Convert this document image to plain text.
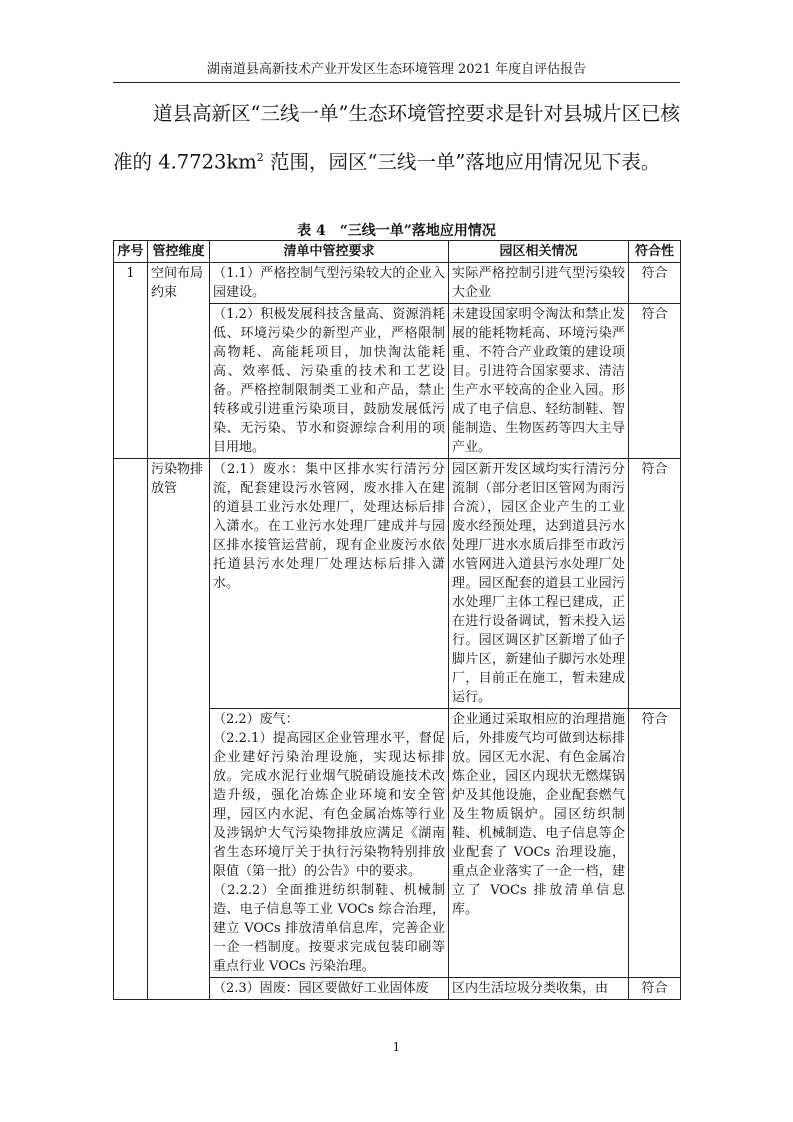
湖南道县高新技术产业开发区生态环境管理 2021 年度自评估报告

道县高新区“三线一单”生态环境管控要求是针对县城片区已核准的 $4.7723km^2$ 范围，园区“三线一单”落地应用情况见下表。

表 4　“三线一单”落地应用情况
序号	管控维度	清单中管控要求	园区相关情况	符合性
1	空间布局约束	（1.1）严格控制气型污染较大的企业入园建设。	实际严格控制引进气型污染较大企业	符合

		（1.2）积极发展科技含量高、资源消耗低、环境污染少的新型产业，严格限制高物耗、高能耗项目，加快淘汰能耗高、效率低、污染重的技术和工艺设备。严格控制限制类工业和产品，禁止转移或引进重污染项目，鼓励发展低污染、无污染、节水和资源综合利用的项目用地。	未建设国家明令淘汰和禁止发展的能耗物耗高、环境污染严重、不符合产业政策的建设项目。引进符合国家要求、清洁生产水平较高的企业入园。形成了电子信息、轻纺制鞋、智能制造、生物医药等四大主导产业。	符合
	污染物排放管	（2.1）废水：集中区排水实行清污分流，配套建设污水管网，废水排入在建的道县工业污水处理厂，处理达标后排入潇水。在工业污水处理厂建成并与园区排水接管运营前，现有企业废污水依托道县污水处理厂处理达标后排入潇水。	园区新开发区域均实行清污分流制（部分老旧区管网为雨污合流），园区企业产生的工业废水经预处理，达到道县污水处理厂进水水质后排至市政污水管网进入道县污水处理厂处理。园区配套的道县工业园污水处理厂主体工程已建成，正在进行设备调试，暂未投入运行。园区调区扩区新增了仙子脚片区，新建仙子脚污水处理厂，目前正在施工，暂未建成运行。	符合

		（2.2）废气：

（2.2.1）提高园区企业管理水平，督促企业建好污染治理设施，实现达标排放。完成水泥行业烟气脱硝设施技术改造升级，强化冶炼企业环境和安全管理，园区内水泥、有色金属冶炼等行业及涉锅炉大气污染物排放应满足《湖南省生态环境厅关于执行污染物特别排放限值（第一批）的公告》中的要求。

（2.2.2）全面推进纺织制鞋、机械制造、电子信息等工业 VOCs 综合治理，建立 VOCs 排放清单信息库，完善企业一企一档制度。按要求完成包装印刷等重点行业 VOCs 污染治理。	企业通过采取相应的治理措施后，外排废气均可做到达标排放。园区无水泥、有色金属冶炼企业，园区内现状无燃煤锅炉及其他设施，企业配套燃气及生物质锅炉。园区纺织制鞋、机械制造、电子信息等企业配套了 VOCs 治理设施，重点企业落实了一企一档，建立了 VOCs 排放清单信息库。	符合

		（2.3）固废：园区要做好工业固体废	区内生活垃圾分类收集，由	符合
1
